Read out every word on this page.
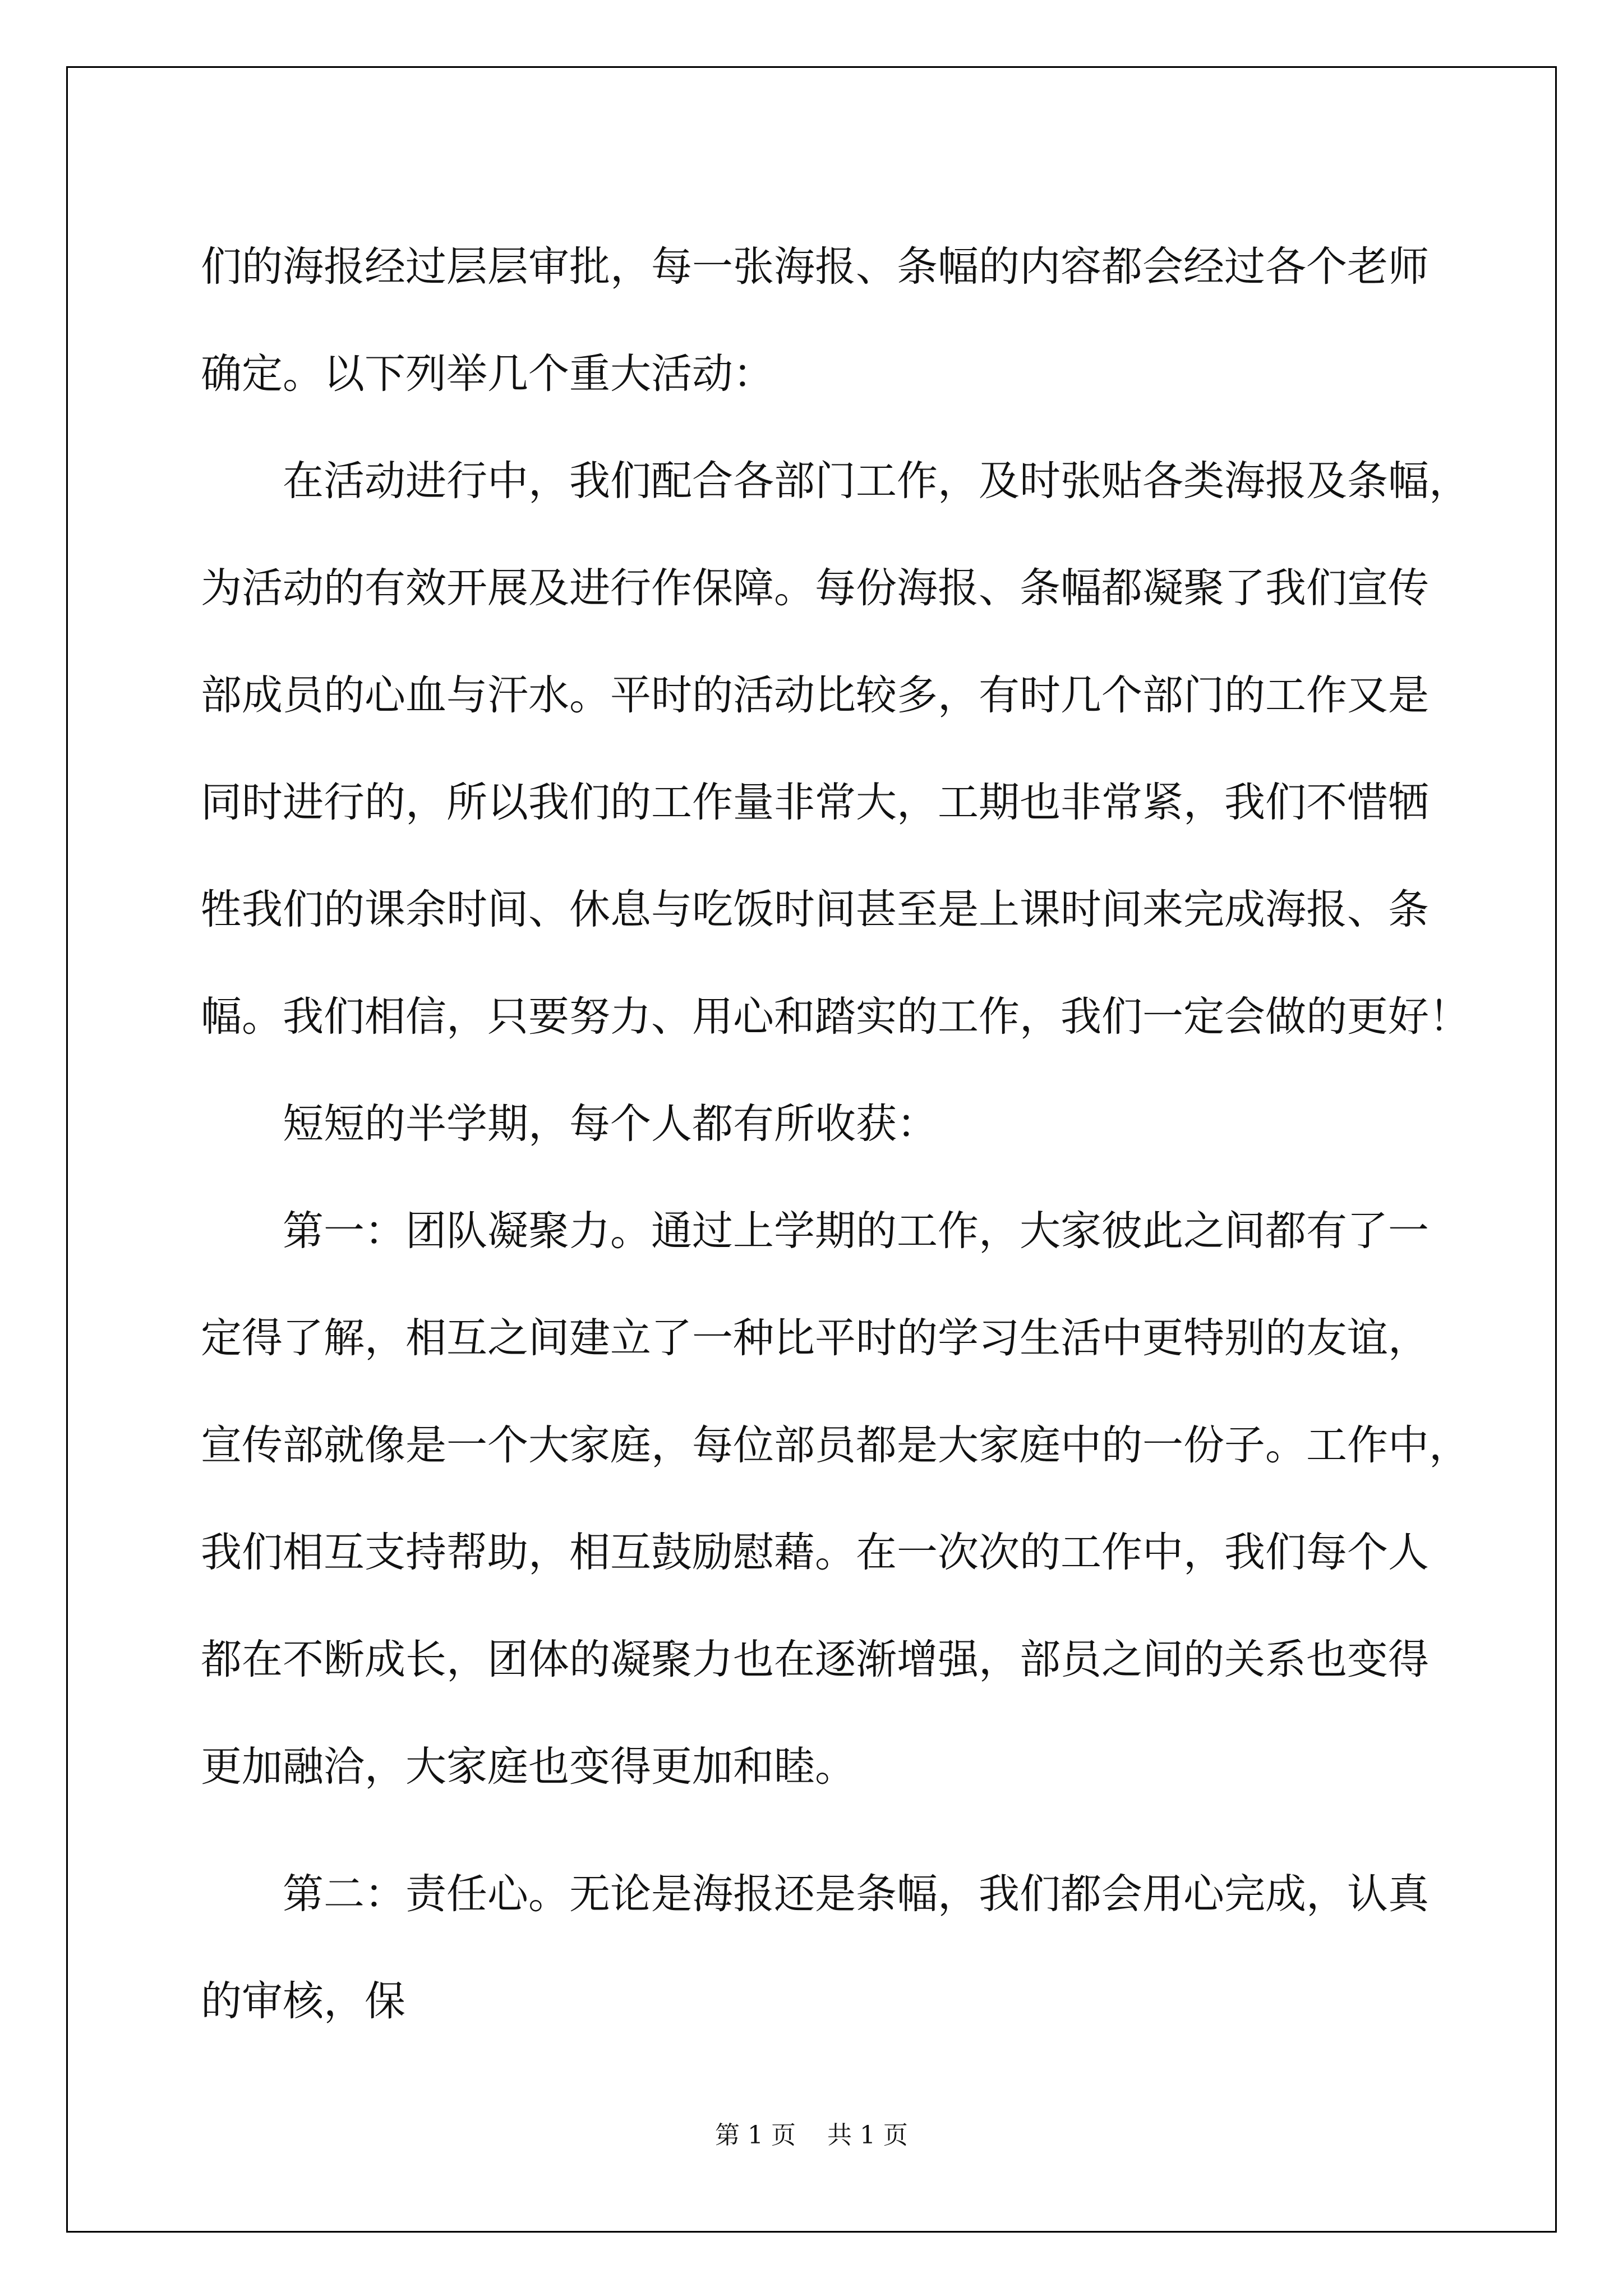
们的海报经过层层审批，每一张海报、条幅的内容都会经过各个老师
确定。以下列举几个重大活动：
在活动进行中，我们配合各部门工作，及时张贴各类海报及条幅，
为活动的有效开展及进行作保障。每份海报、条幅都凝聚了我们宣传
部成员的心血与汗水。平时的活动比较多，有时几个部门的工作又是
同时进行的，所以我们的工作量非常大，工期也非常紧，我们不惜牺
牲我们的课余时间、休息与吃饭时间甚至是上课时间来完成海报、条
幅。我们相信，只要努力、用心和踏实的工作，我们一定会做的更好！
短短的半学期，每个人都有所收获：
第一：团队凝聚力。通过上学期的工作，大家彼此之间都有了一
定得了解，相互之间建立了一种比平时的学习生活中更特别的友谊，
宣传部就像是一个大家庭，每位部员都是大家庭中的一份子。工作中，
我们相互支持帮助，相互鼓励慰藉。在一次次的工作中，我们每个人
都在不断成长，团体的凝聚力也在逐渐增强，部员之间的关系也变得
更加融洽，大家庭也变得更加和睦。
第二：责任心。无论是海报还是条幅，我们都会用心完成，认真
的审核，保
第 1 页    共 1 页
